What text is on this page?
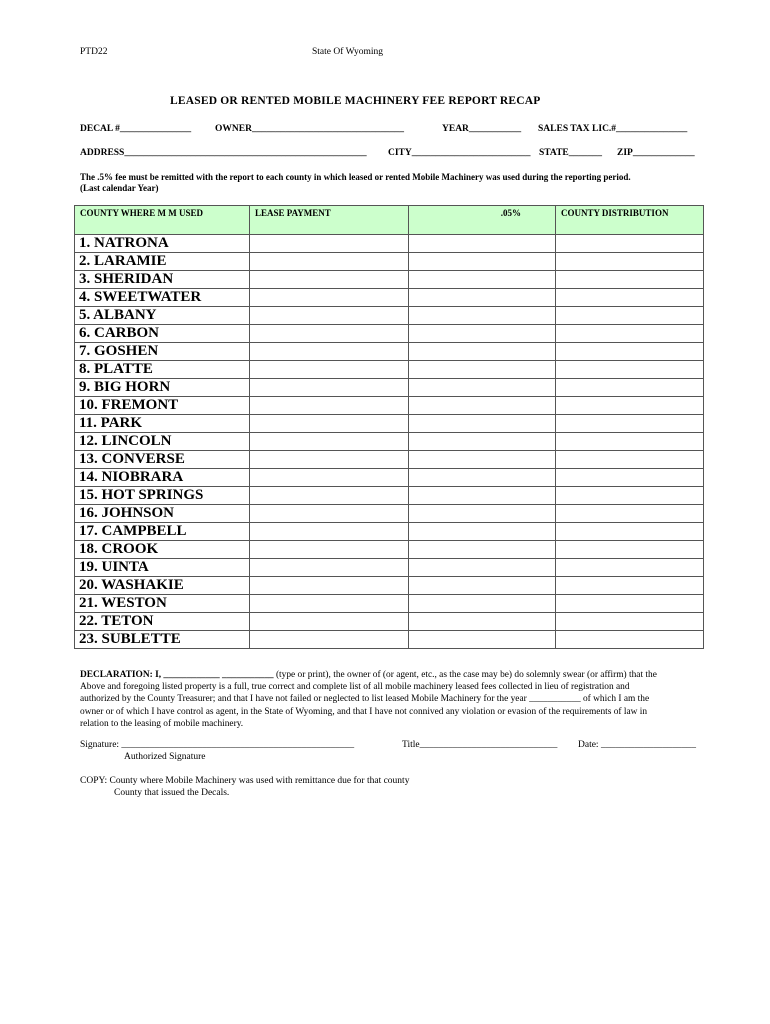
PTD22	State Of Wyoming
LEASED OR RENTED MOBILE MACHINERY FEE REPORT RECAP
DECAL #_______________	OWNER________________________________	YEAR___________ SALES TAX LIC.#_______________
ADDRESS___________________________________________________ CITY_________________________ STATE_______ ZIP_____________
The .5% fee must be remitted with the report to each county in which leased or rented Mobile Machinery was used during the reporting period.
(Last calendar Year)
COUNTY WHERE M M USED	LEASE PAYMENT	.05%	COUNTY DISTRIBUTION
1. NATRONA			
2. LARAMIE			
3. SHERIDAN			
4. SWEETWATER			
5. ALBANY			
6. CARBON			
7. GOSHEN			
8. PLATTE			
9. BIG HORN			
10. FREMONT			
11. PARK			
12. LINCOLN			
13. CONVERSE			
14. NIOBRARA			
15. HOT SPRINGS			
16. JOHNSON			
17. CAMPBELL			
18. CROOK			
19. UINTA			
20. WASHAKIE			
21. WESTON			
22. TETON			
23. SUBLETTE			

DECLARATION: I, ____________ ___________ (type or print), the owner of (or agent, etc., as the case may be) do solemnly swear (or affirm) that the

Above and foregoing listed property is a full, true correct and complete list of all mobile machinery leased fees collected in lieu of registration and

authorized by the County Treasurer; and that I have not failed or neglected to list leased Mobile Machinery for the year ___________ of which I am the

owner or of which I have control as agent, in the State of Wyoming, and that I have not connived any violation or evasion of the requirements of law in

relation to the leasing of mobile machinery.

Signature: _________________________________________________	Title_____________________________ Date: ____________________
Authorized Signature
COPY: County where Mobile Machinery was used with remittance due for that county
County that issued the Decals.
